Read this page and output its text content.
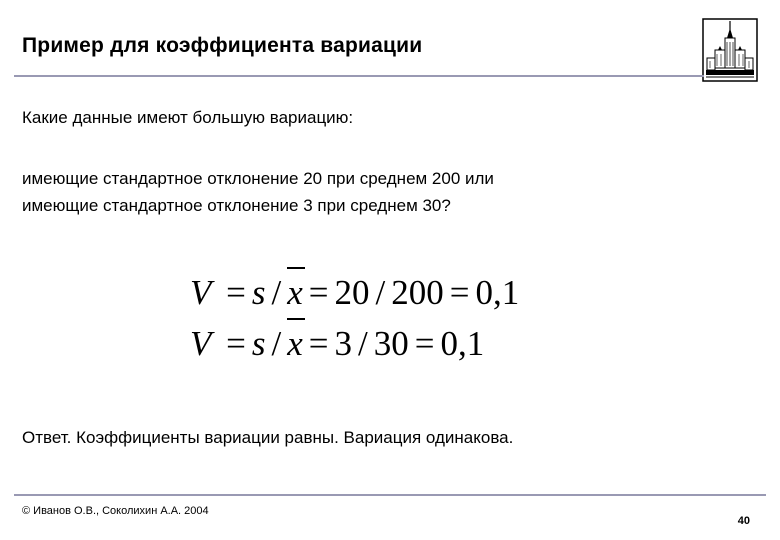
Пример для коэффициента вариации
Какие данные имеют большую вариацию:
имеющие стандартное отклонение 20 при среднем 200 или
имеющие стандартное отклонение 3 при среднем 30?
V = s / x = 20 / 200 = 0,1
V = s / x = 3 / 30 = 0,1
Ответ. Коэффициенты вариации равны. Вариация одинакова.
© Иванов О.В., Соколихин А.А. 2004
40
